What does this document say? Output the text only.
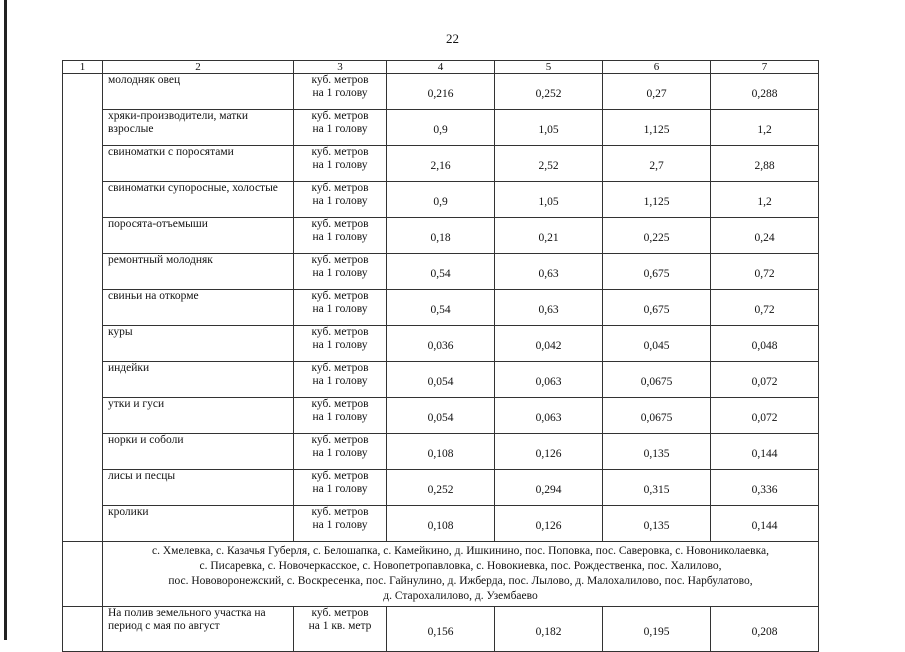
22
1	2	3	4	5	6	7
	молодняк овец	куб. метров
на 1 голову	0,216	0,252	0,27	0,288
	хряки-производители, матки взрослые	куб. метров
на 1 голову	0,9	1,05	1,125	1,2
	свиноматки с поросятами	куб. метров
на 1 голову	2,16	2,52	2,7	2,88
	свиноматки супоросные, холостые	куб. метров
на 1 голову	0,9	1,05	1,125	1,2
	поросята-отъемыши	куб. метров
на 1 голову	0,18	0,21	0,225	0,24
	ремонтный молодняк	куб. метров
на 1 голову	0,54	0,63	0,675	0,72
	свиньи на откорме	куб. метров
на 1 голову	0,54	0,63	0,675	0,72
	куры	куб. метров
на 1 голову	0,036	0,042	0,045	0,048
	индейки	куб. метров
на 1 голову	0,054	0,063	0,0675	0,072
	утки и гуси	куб. метров
на 1 голову	0,054	0,063	0,0675	0,072
	норки и соболи	куб. метров
на 1 голову	0,108	0,126	0,135	0,144
	лисы и песцы	куб. метров
на 1 голову	0,252	0,294	0,315	0,336
	кролики	куб. метров
на 1 голову	0,108	0,126	0,135	0,144

	с. Хмелевка, с. Казачья Губерля, с. Белошапка, с. Камейкино, д. Ишкинино, пос. Поповка, пос. Саверовка, с. Новониколаевка,
с. Писаревка, с. Новочеркасское, с. Новопетропавловка, с. Новокиевка, пос. Рождественка, пос. Халилово,
пос. Нововоронежский, с. Воскресенка, пос. Гайнулино, д. Ижберда, пос. Лылово, д. Малохалилово, пос. Нарбулатово,
д. Старохалилово, д. Узембаево					

	На полив земельного участка на период с мая по август	куб. метров
на 1 кв. метр	0,156	0,182	0,195	0,208
